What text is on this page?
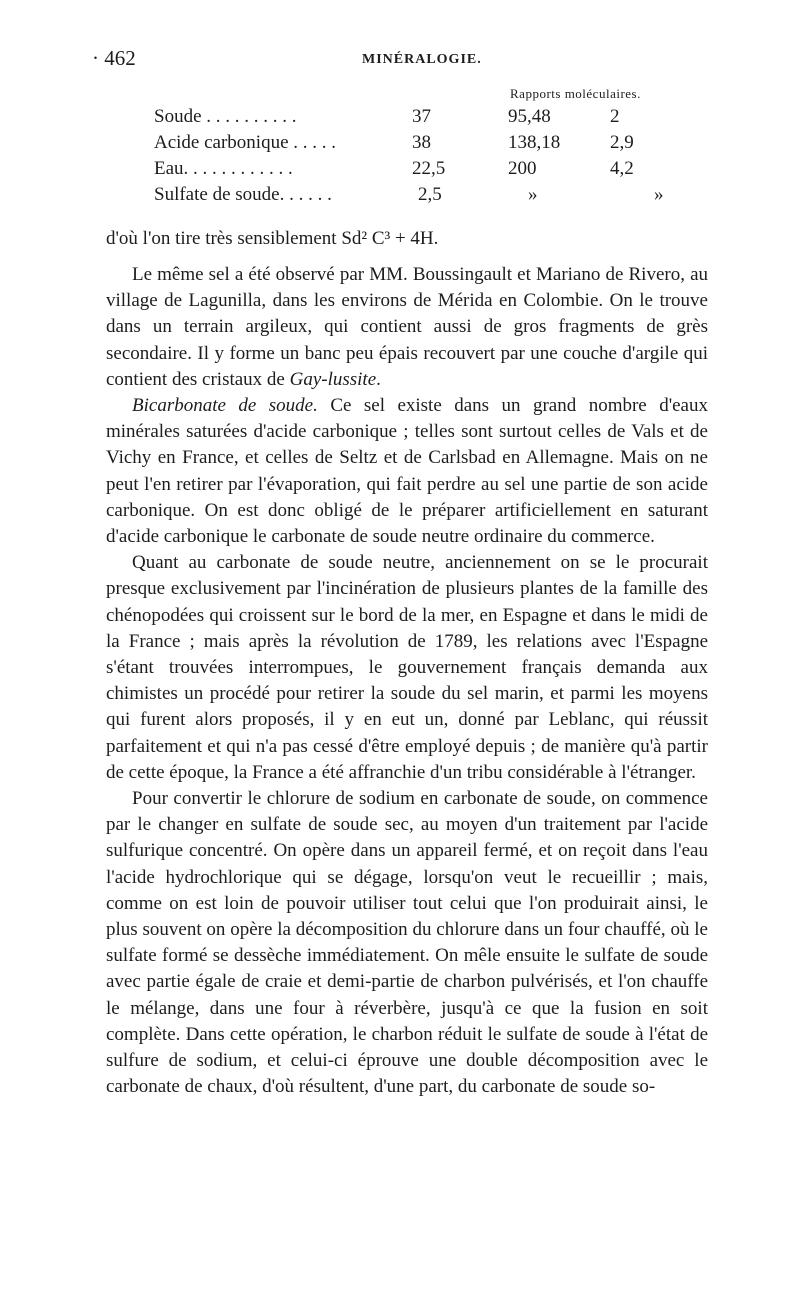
· 462	MINÉRALOGIE.
Rapports moléculaires.
Soude . . . . . . . . . .	37	95,48	2
Acide carbonique . . . . .	38	138,18	2,9
Eau. . . . . . . . . . . .	22,5	200	4,2
Sulfate de soude. . . . . .	2,5	»	»
d'où l'on tire très sensiblement Sd² C³ + 4H.

Le même sel a été observé par MM. Boussingault et Mariano de Rivero, au village de Lagunilla, dans les environs de Mérida en Colombie. On le trouve dans un terrain argileux, qui contient aussi de gros fragments de grès secondaire. Il y forme un banc peu épais recouvert par une couche d'argile qui contient des cristaux de Gay-lussite.

Bicarbonate de soude. Ce sel existe dans un grand nombre d'eaux minérales saturées d'acide carbonique ; telles sont surtout celles de Vals et de Vichy en France, et celles de Seltz et de Carlsbad en Allemagne. Mais on ne peut l'en retirer par l'évaporation, qui fait perdre au sel une partie de son acide carbonique. On est donc obligé de le préparer artificiellement en saturant d'acide carbonique le carbonate de soude neutre ordinaire du commerce.

Quant au carbonate de soude neutre, anciennement on se le procurait presque exclusivement par l'incinération de plusieurs plantes de la famille des chénopodées qui croissent sur le bord de la mer, en Espagne et dans le midi de la France ; mais après la révolution de 1789, les relations avec l'Espagne s'étant trouvées interrompues, le gouvernement français demanda aux chimistes un procédé pour retirer la soude du sel marin, et parmi les moyens qui furent alors proposés, il y en eut un, donné par Leblanc, qui réussit parfaitement et qui n'a pas cessé d'être employé depuis ; de manière qu'à partir de cette époque, la France a été affranchie d'un tribu considérable à l'étranger.

Pour convertir le chlorure de sodium en carbonate de soude, on commence par le changer en sulfate de soude sec, au moyen d'un traitement par l'acide sulfurique concentré. On opère dans un appareil fermé, et on reçoit dans l'eau l'acide hydrochlorique qui se dégage, lorsqu'on veut le recueillir ; mais, comme on est loin de pouvoir utiliser tout celui que l'on produirait ainsi, le plus souvent on opère la décomposition du chlorure dans un four chauffé, où le sulfate formé se dessèche immédiatement. On mêle ensuite le sulfate de soude avec partie égale de craie et demi-partie de charbon pulvérisés, et l'on chauffe le mélange, dans une four à réverbère, jusqu'à ce que la fusion en soit complète. Dans cette opération, le charbon réduit le sulfate de soude à l'état de sulfure de sodium, et celui-ci éprouve une double décomposition avec le carbonate de chaux, d'où résultent, d'une part, du carbonate de soude so-
